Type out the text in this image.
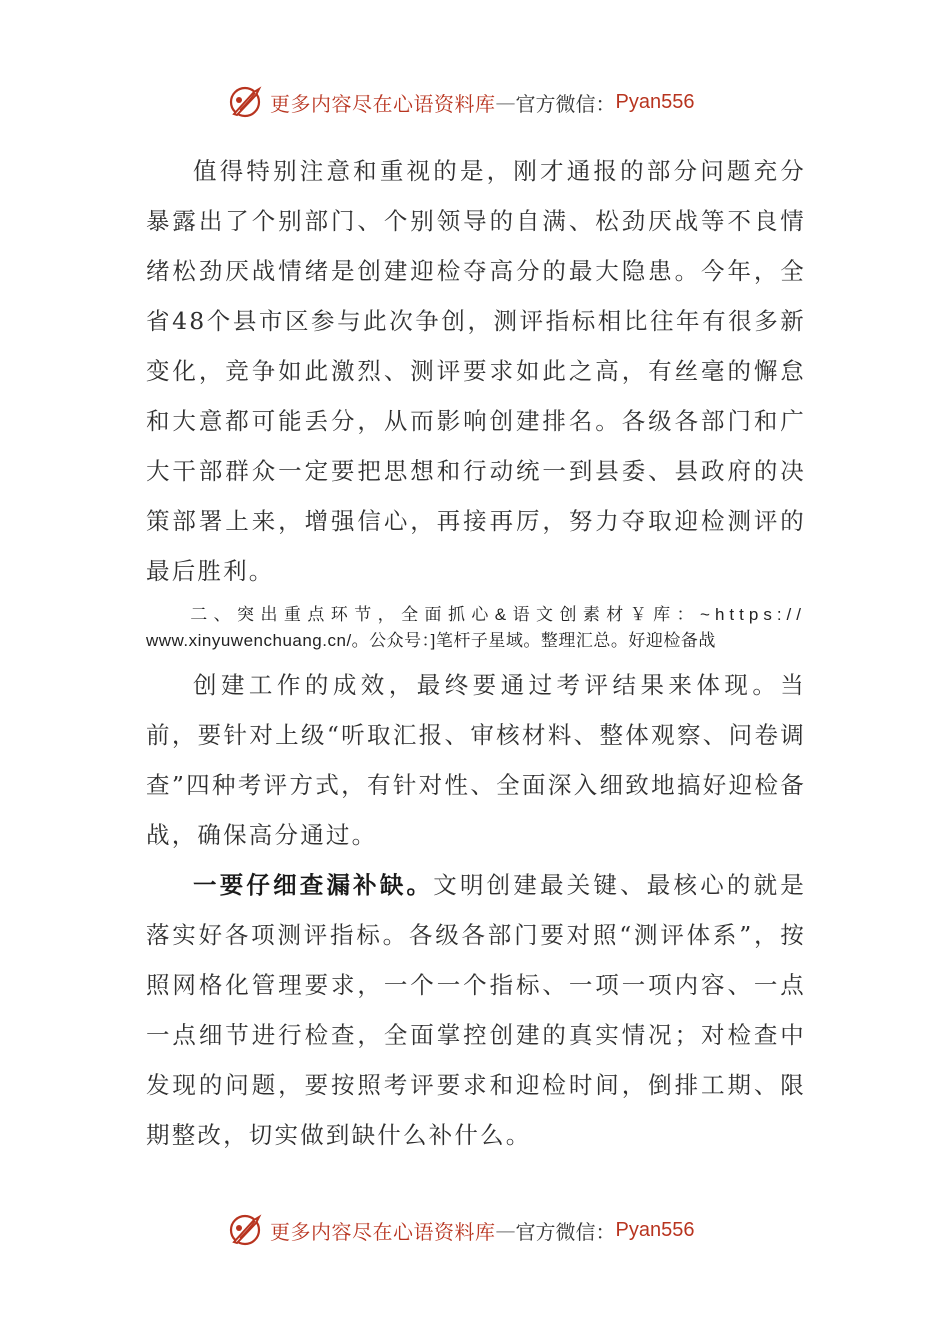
更多内容尽在心语资料库 — 官方微信： Pyan556

值得特别注意和重视的是，刚才通报的部分问题充分暴露出了个别部门、个别领导的自满、松劲厌战等不良情绪松劲厌战情绪是创建迎检夺高分的最大隐患。今年，全省48个县市区参与此次争创，测评指标相比往年有很多新变化，竞争如此激烈、测评要求如此之高，有丝毫的懈怠和大意都可能丢分，从而影响创建排名。各级各部门和广大干部群众一定要把思想和行动统一到县委、县政府的决策部署上来，增强信心，再接再厉，努力夺取迎检测评的最后胜利。

二、突出重点环节，全面抓心&语文创素材￥库：~https://
www.xinyuwenchuang.cn/。公众号：]笔杆子星域。整理汇总。好迎检备战

创建工作的成效，最终要通过考评结果来体现。当前，要针对上级“听取汇报、审核材料、整体观察、问卷调查”四种考评方式，有针对性、全面深入细致地搞好迎检备战，确保高分通过。

一要仔细查漏补缺。文明创建最关键、最核心的就是落实好各项测评指标。各级各部门要对照“测评体系”，按照网格化管理要求，一个一个指标、一项一项内容、一点一点细节进行检查，全面掌控创建的真实情况；对检查中发现的问题，要按照考评要求和迎检时间，倒排工期、限期整改，切实做到缺什么补什么。

更多内容尽在心语资料库 — 官方微信： Pyan556
